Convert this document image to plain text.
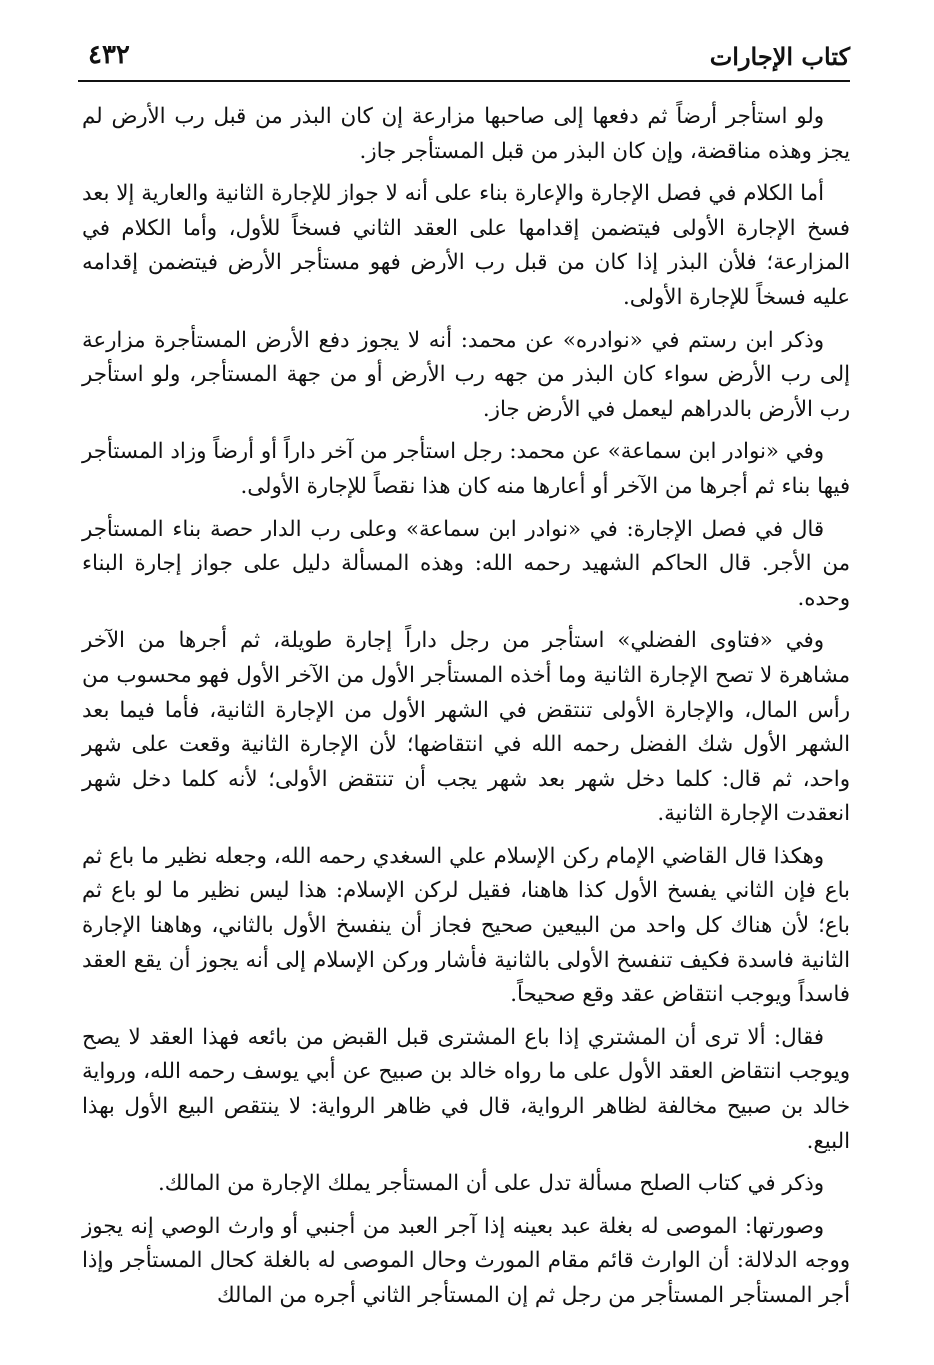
٤٣٢	كتاب الإجارات

ولو استأجر أرضاً ثم دفعها إلى صاحبها مزارعة إن كان البذر من قبل رب الأرض لم يجز وهذه مناقضة، وإن كان البذر من قبل المستأجر جاز.

أما الكلام في فصل الإجارة والإعارة بناء على أنه لا جواز للإجارة الثانية والعارية إلا بعد فسخ الإجارة الأولى فيتضمن إقدامها على العقد الثاني فسخاً للأول، وأما الكلام في المزارعة؛ فلأن البذر إذا كان من قبل رب الأرض فهو مستأجر الأرض فيتضمن إقدامه عليه فسخاً للإجارة الأولى.

وذكر ابن رستم في «نوادره» عن محمد: أنه لا يجوز دفع الأرض المستأجرة مزارعة إلى رب الأرض سواء كان البذر من جهه رب الأرض أو من جهة المستأجر، ولو استأجر رب الأرض بالدراهم ليعمل في الأرض جاز.

وفي «نوادر ابن سماعة» عن محمد: رجل استأجر من آخر داراً أو أرضاً وزاد المستأجر فيها بناء ثم أجرها من الآخر أو أعارها منه كان هذا نقصاً للإجارة الأولى.

قال في فصل الإجارة: في «نوادر ابن سماعة» وعلى رب الدار حصة بناء المستأجر من الأجر. قال الحاكم الشهيد رحمه الله: وهذه المسألة دليل على جواز إجارة البناء وحده.

وفي «فتاوى الفضلي» استأجر من رجل داراً إجارة طويلة، ثم أجرها من الآخر مشاهرة لا تصح الإجارة الثانية وما أخذه المستأجر الأول من الآخر الأول فهو محسوب من رأس المال، والإجارة الأولى تنتقض في الشهر الأول من الإجارة الثانية، فأما فيما بعد الشهر الأول شك الفضل رحمه الله في انتقاضها؛ لأن الإجارة الثانية وقعت على شهر واحد، ثم قال: كلما دخل شهر بعد شهر يجب أن تنتقض الأولى؛ لأنه كلما دخل شهر انعقدت الإجارة الثانية.

وهكذا قال القاضي الإمام ركن الإسلام علي السغدي رحمه الله، وجعله نظير ما باع ثم باع فإن الثاني يفسخ الأول كذا هاهنا، فقيل لركن الإسلام: هذا ليس نظير ما لو باع ثم باع؛ لأن هناك كل واحد من البيعين صحيح فجاز أن ينفسخ الأول بالثاني، وهاهنا الإجارة الثانية فاسدة فكيف تنفسخ الأولى بالثانية فأشار وركن الإسلام إلى أنه يجوز أن يقع العقد فاسداً ويوجب انتقاض عقد وقع صحيحاً.

فقال: ألا ترى أن المشتري إذا باع المشترى قبل القبض من بائعه فهذا العقد لا يصح ويوجب انتقاض العقد الأول على ما رواه خالد بن صبيح عن أبي يوسف رحمه الله، ورواية خالد بن صبيح مخالفة لظاهر الرواية، قال في ظاهر الرواية: لا ينتقص البيع الأول بهذا البيع.

وذكر في كتاب الصلح مسألة تدل على أن المستأجر يملك الإجارة من المالك.

وصورتها: الموصى له بغلة عبد بعينه إذا آجر العبد من أجنبي أو وارث الوصي إنه يجوز ووجه الدلالة: أن الوارث قائم مقام المورث وحال الموصى له بالغلة كحال المستأجر وإذا أجر المستأجر المستأجر من رجل ثم إن المستأجر الثاني أجره من المالك
